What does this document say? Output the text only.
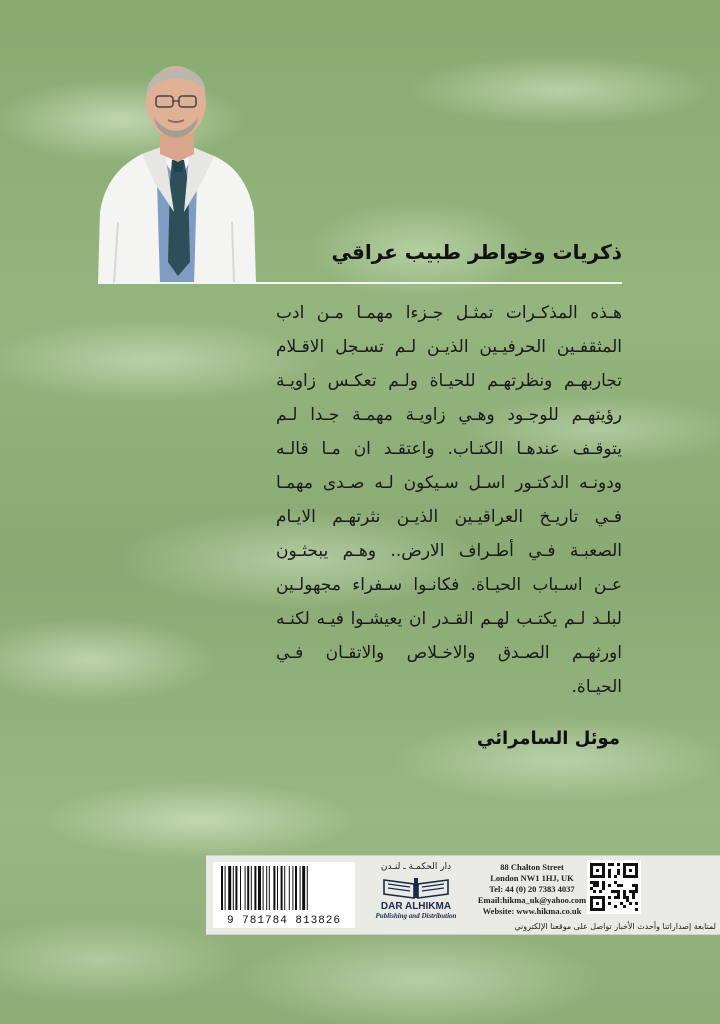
ذكريات وخواطر طبيب عراقي
هـذه المذكـرات تمثـل جـزءا مهمـا مـن ادب
المثقفـين الحرفيـين الذيـن لـم تسـجل الاقـلام
تجاربهـم ونظرتهـم للحيـاة ولـم تعكـس زاويـة
رؤيتهـم للوجـود وهـي زاويـة مهمـة جـدا لـم
يتوقـف عندهـا الكتـاب. واعتقـد ان مـا قالـه
ودونـه الدكتـور اسـل سـيكون لـه صـدى مهمـا
فـي تاريـخ العراقيـين الذيـن نثرتهـم الايـام
الصعبـة فـي أطـراف الارض.. وهـم يبحثـون
عـن اسـباب الحيـاة. فكانـوا سـفراء مجهولـين
لبلـد لـم يكتـب لهـم القـدر ان يعيشـوا فيـه لكنـه
اورثهـم الصـدق والاخـلاص والاتقـان فـي
الحيـاة.
موئل السامرائي
9 781784 813826
دار الحكمـة ـ لنـدن
DAR ALHIKMA
Publishing and Distribution
88 Chalton Street
London NW1 1HJ, UK
Tel: 44 (0) 20 7383 4037
Email:hikma_uk@yahoo.com
Website: www.hikma.co.uk
لمتابعة إصداراتنا وأحدث الأخبار تواصل على موقعنا الإلكتروني
